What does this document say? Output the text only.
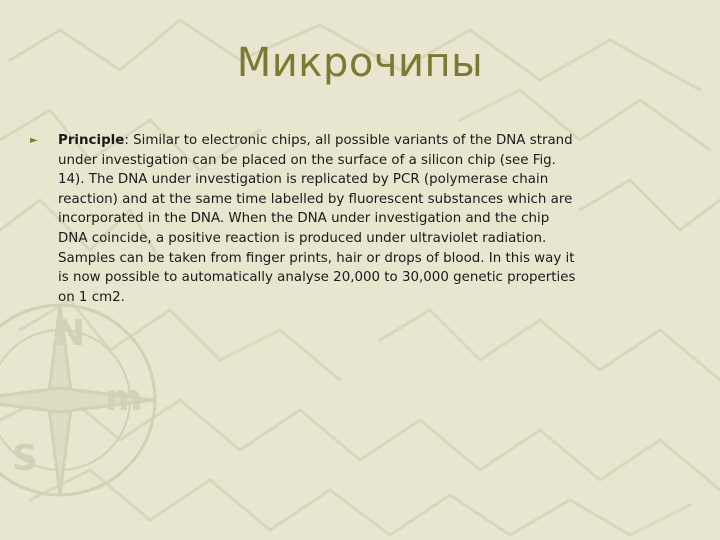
N
m
S
Микрочипы
► Principle: Similar to electronic chips, all possible variants of the DNA strand under investigation can be placed on the surface of a silicon chip (see Fig. 14). The DNA under investigation is replicated by PCR (polymerase chain reaction) and at the same time labelled by fluorescent substances which are incorporated in the DNA. When the DNA under investigation and the chip DNA coincide, a positive reaction is produced under ultraviolet radiation. Samples can be taken from finger prints, hair or drops of blood. In this way it is now possible to automatically analyse 20,000 to 30,000 genetic properties on 1 cm2.
